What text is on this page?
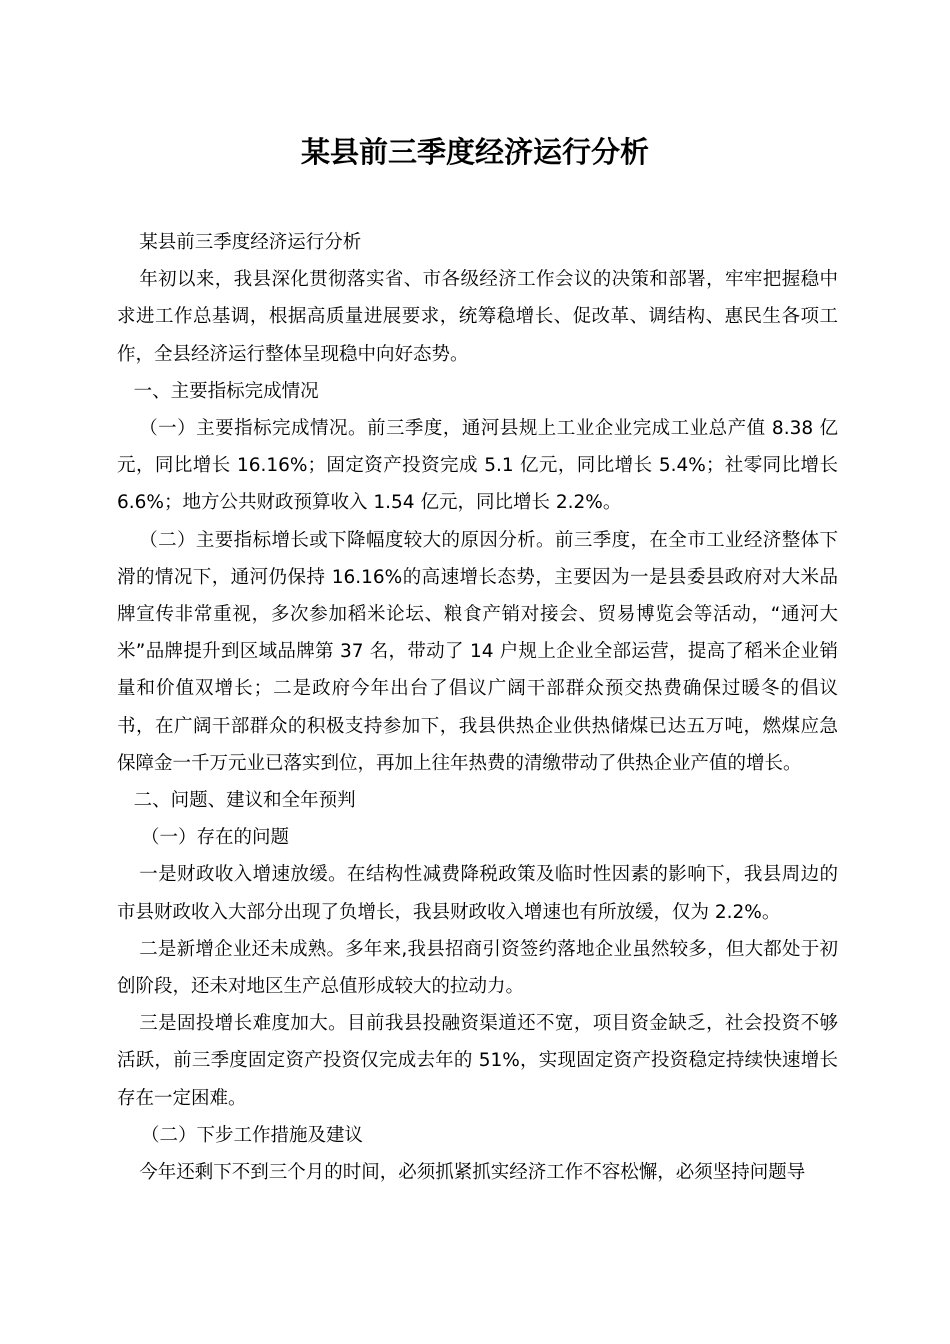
某县前三季度经济运行分析

某县前三季度经济运行分析

年初以来，我县深化贯彻落实省、市各级经济工作会议的决策和部署，牢牢把握稳中求进工作总基调，根据高质量进展要求，统筹稳增长、促改革、调结构、惠民生各项工作，全县经济运行整体呈现稳中向好态势。

一、主要指标完成情况

（一）主要指标完成情况。前三季度，通河县规上工业企业完成工业总产值 8.38 亿元，同比增长 16.16%；固定资产投资完成 5.1 亿元，同比增长 5.4%；社零同比增长 6.6%；地方公共财政预算收入 1.54 亿元，同比增长 2.2%。

（二）主要指标增长或下降幅度较大的原因分析。前三季度，在全市工业经济整体下滑的情况下，通河仍保持 16.16%的高速增长态势，主要因为一是县委县政府对大米品牌宣传非常重视，多次参加稻米论坛、粮食产销对接会、贸易博览会等活动，“通河大米”品牌提升到区域品牌第 37 名，带动了 14 户规上企业全部运营，提高了稻米企业销量和价值双增长；二是政府今年出台了倡议广阔干部群众预交热费确保过暖冬的倡议书，在广阔干部群众的积极支持参加下，我县供热企业供热储煤已达五万吨，燃煤应急保障金一千万元业已落实到位，再加上往年热费的清缴带动了供热企业产值的增长。

二、问题、建议和全年预判

（一）存在的问题

一是财政收入增速放缓。在结构性减费降税政策及临时性因素的影响下，我县周边的市县财政收入大部分出现了负增长，我县财政收入增速也有所放缓，仅为 2.2%。

二是新增企业还未成熟。多年来,我县招商引资签约落地企业虽然较多，但大都处于初创阶段，还未对地区生产总值形成较大的拉动力。

三是固投增长难度加大。目前我县投融资渠道还不宽，项目资金缺乏，社会投资不够活跃，前三季度固定资产投资仅完成去年的 51%，实现固定资产投资稳定持续快速增长存在一定困难。

（二）下步工作措施及建议

今年还剩下不到三个月的时间，必须抓紧抓实经济工作不容松懈，必须坚持问题导
